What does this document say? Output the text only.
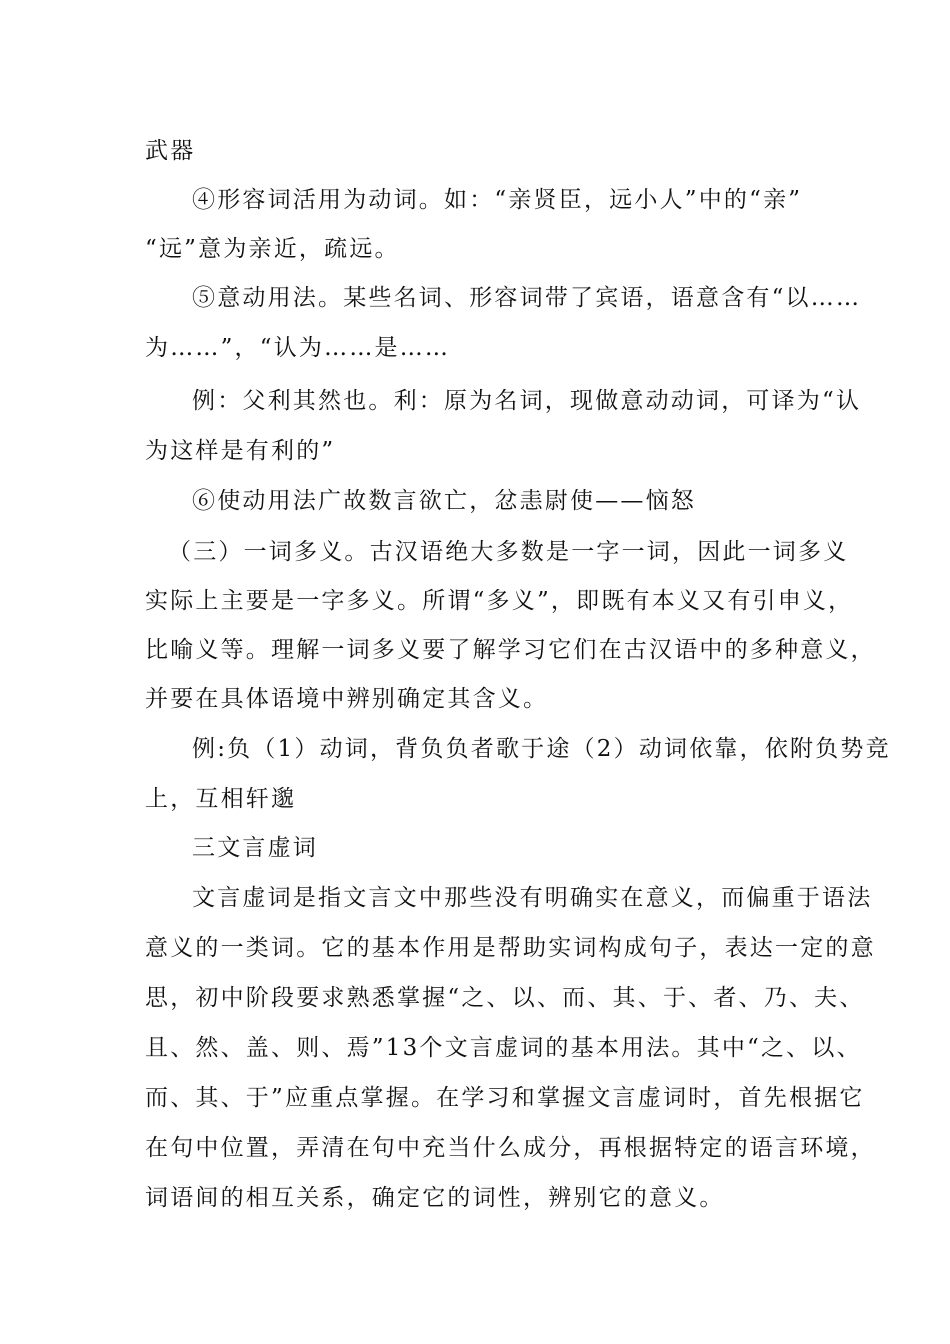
武器
④形容词活用为动词。如：“亲贤臣，远小人”中的“亲”
“远”意为亲近，疏远。
⑤意动用法。某些名词、形容词带了宾语，语意含有“以……
为……”，“认为……是……
例：父利其然也。利：原为名词，现做意动动词，可译为“认
为这样是有利的”
⑥使动用法广故数言欲亡，忿恚尉使——恼怒
（三）一词多义。古汉语绝大多数是一字一词，因此一词多义
实际上主要是一字多义。所谓“多义”，即既有本义又有引申义，
比喻义等。理解一词多义要了解学习它们在古汉语中的多种意义，
并要在具体语境中辨别确定其含义。
例:负（1）动词，背负负者歌于途（2）动词依靠，依附负势竞
上，互相轩邈
三文言虚词
文言虚词是指文言文中那些没有明确实在意义，而偏重于语法
意义的一类词。它的基本作用是帮助实词构成句子，表达一定的意
思，初中阶段要求熟悉掌握“之、以、而、其、于、者、乃、夫、
且、然、盖、则、焉”13个文言虚词的基本用法。其中“之、以、
而、其、于”应重点掌握。在学习和掌握文言虚词时，首先根据它
在句中位置，弄清在句中充当什么成分，再根据特定的语言环境，
词语间的相互关系，确定它的词性，辨别它的意义。
